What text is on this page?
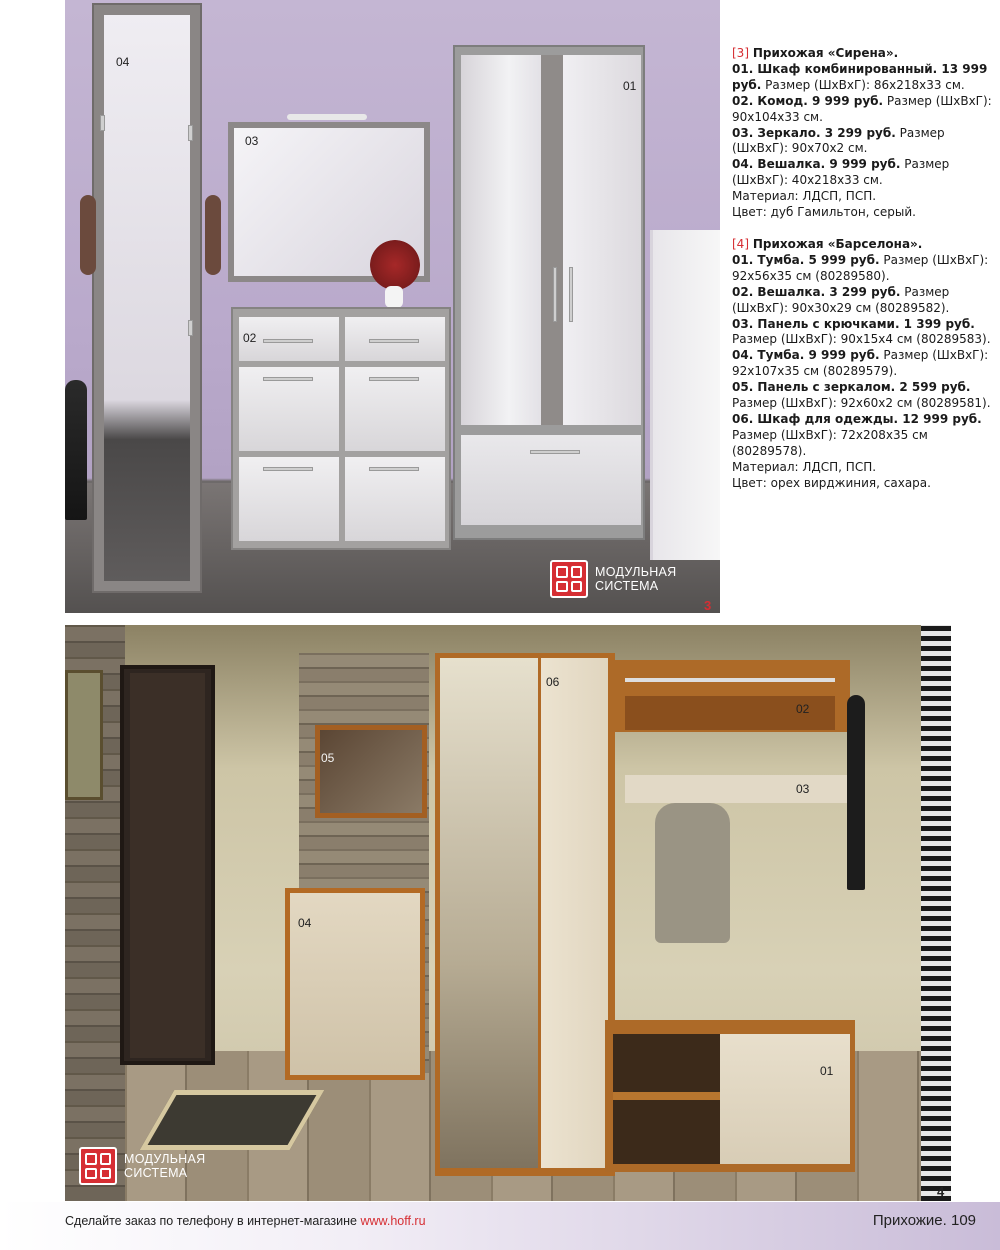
04
03
02
01
МОДУЛЬНАЯ
СИСТЕМА
3

[3] Прихожая «Сирена».

01. Шкаф комбинированный. 13 999 руб. Размер (ШхВхГ): 86x218x33 см.

02. Комод. 9 999 руб. Размер (ШхВхГ): 90x104x33 см.

03. Зеркало. 3 299 руб. Размер (ШхВхГ): 90x70x2 см.

04. Вешалка. 9 999 руб. Размер (ШхВхГ): 40x218x33 см.

Материал: ЛДСП, ПСП.

Цвет: дуб Гамильтон, серый.

[4] Прихожая «Барселона».

01. Тумба. 5 999 руб. Размер (ШхВхГ): 92x56x35 см (80289580).

02. Вешалка. 3 299 руб. Размер (ШхВхГ): 90x30x29 см (80289582).

03. Панель с крючками. 1 399 руб. Размер (ШхВхГ): 90x15x4 см (80289583).

04. Тумба. 9 999 руб. Размер (ШхВхГ): 92x107x35 см (80289579).

05. Панель с зеркалом. 2 599 руб. Размер (ШхВхГ): 92x60x2 см (80289581).

06. Шкаф для одежды. 12 999 руб. Размер (ШхВхГ): 72x208x35 см (80289578).

Материал: ЛДСП, ПСП.

Цвет: орех вирджиния, сахара.

06
02
03
05
04
01
МОДУЛЬНАЯ
СИСТЕМА
4
Сделайте заказ по телефону в интернет-магазине www.hoff.ru	Прихожие. 109
